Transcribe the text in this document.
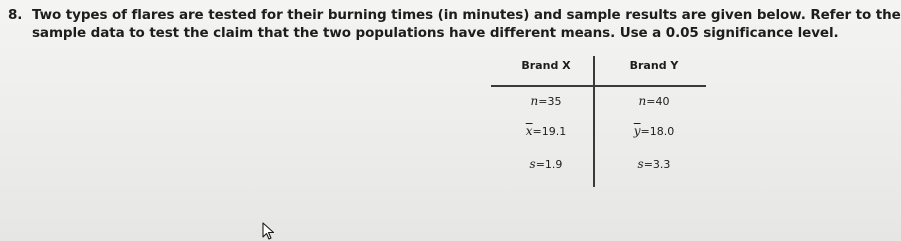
8. Two types of flares are tested for their burning times (in minutes) and sample results are given below. Refer to the
sample data to test the claim that the two populations have different means. Use a 0.05 significance level.
Brand X	Brand Y
n=35	n=40
$\overline{x}=19.1$	$\overline{y}=18.0$
s=1.9	s=3.3
